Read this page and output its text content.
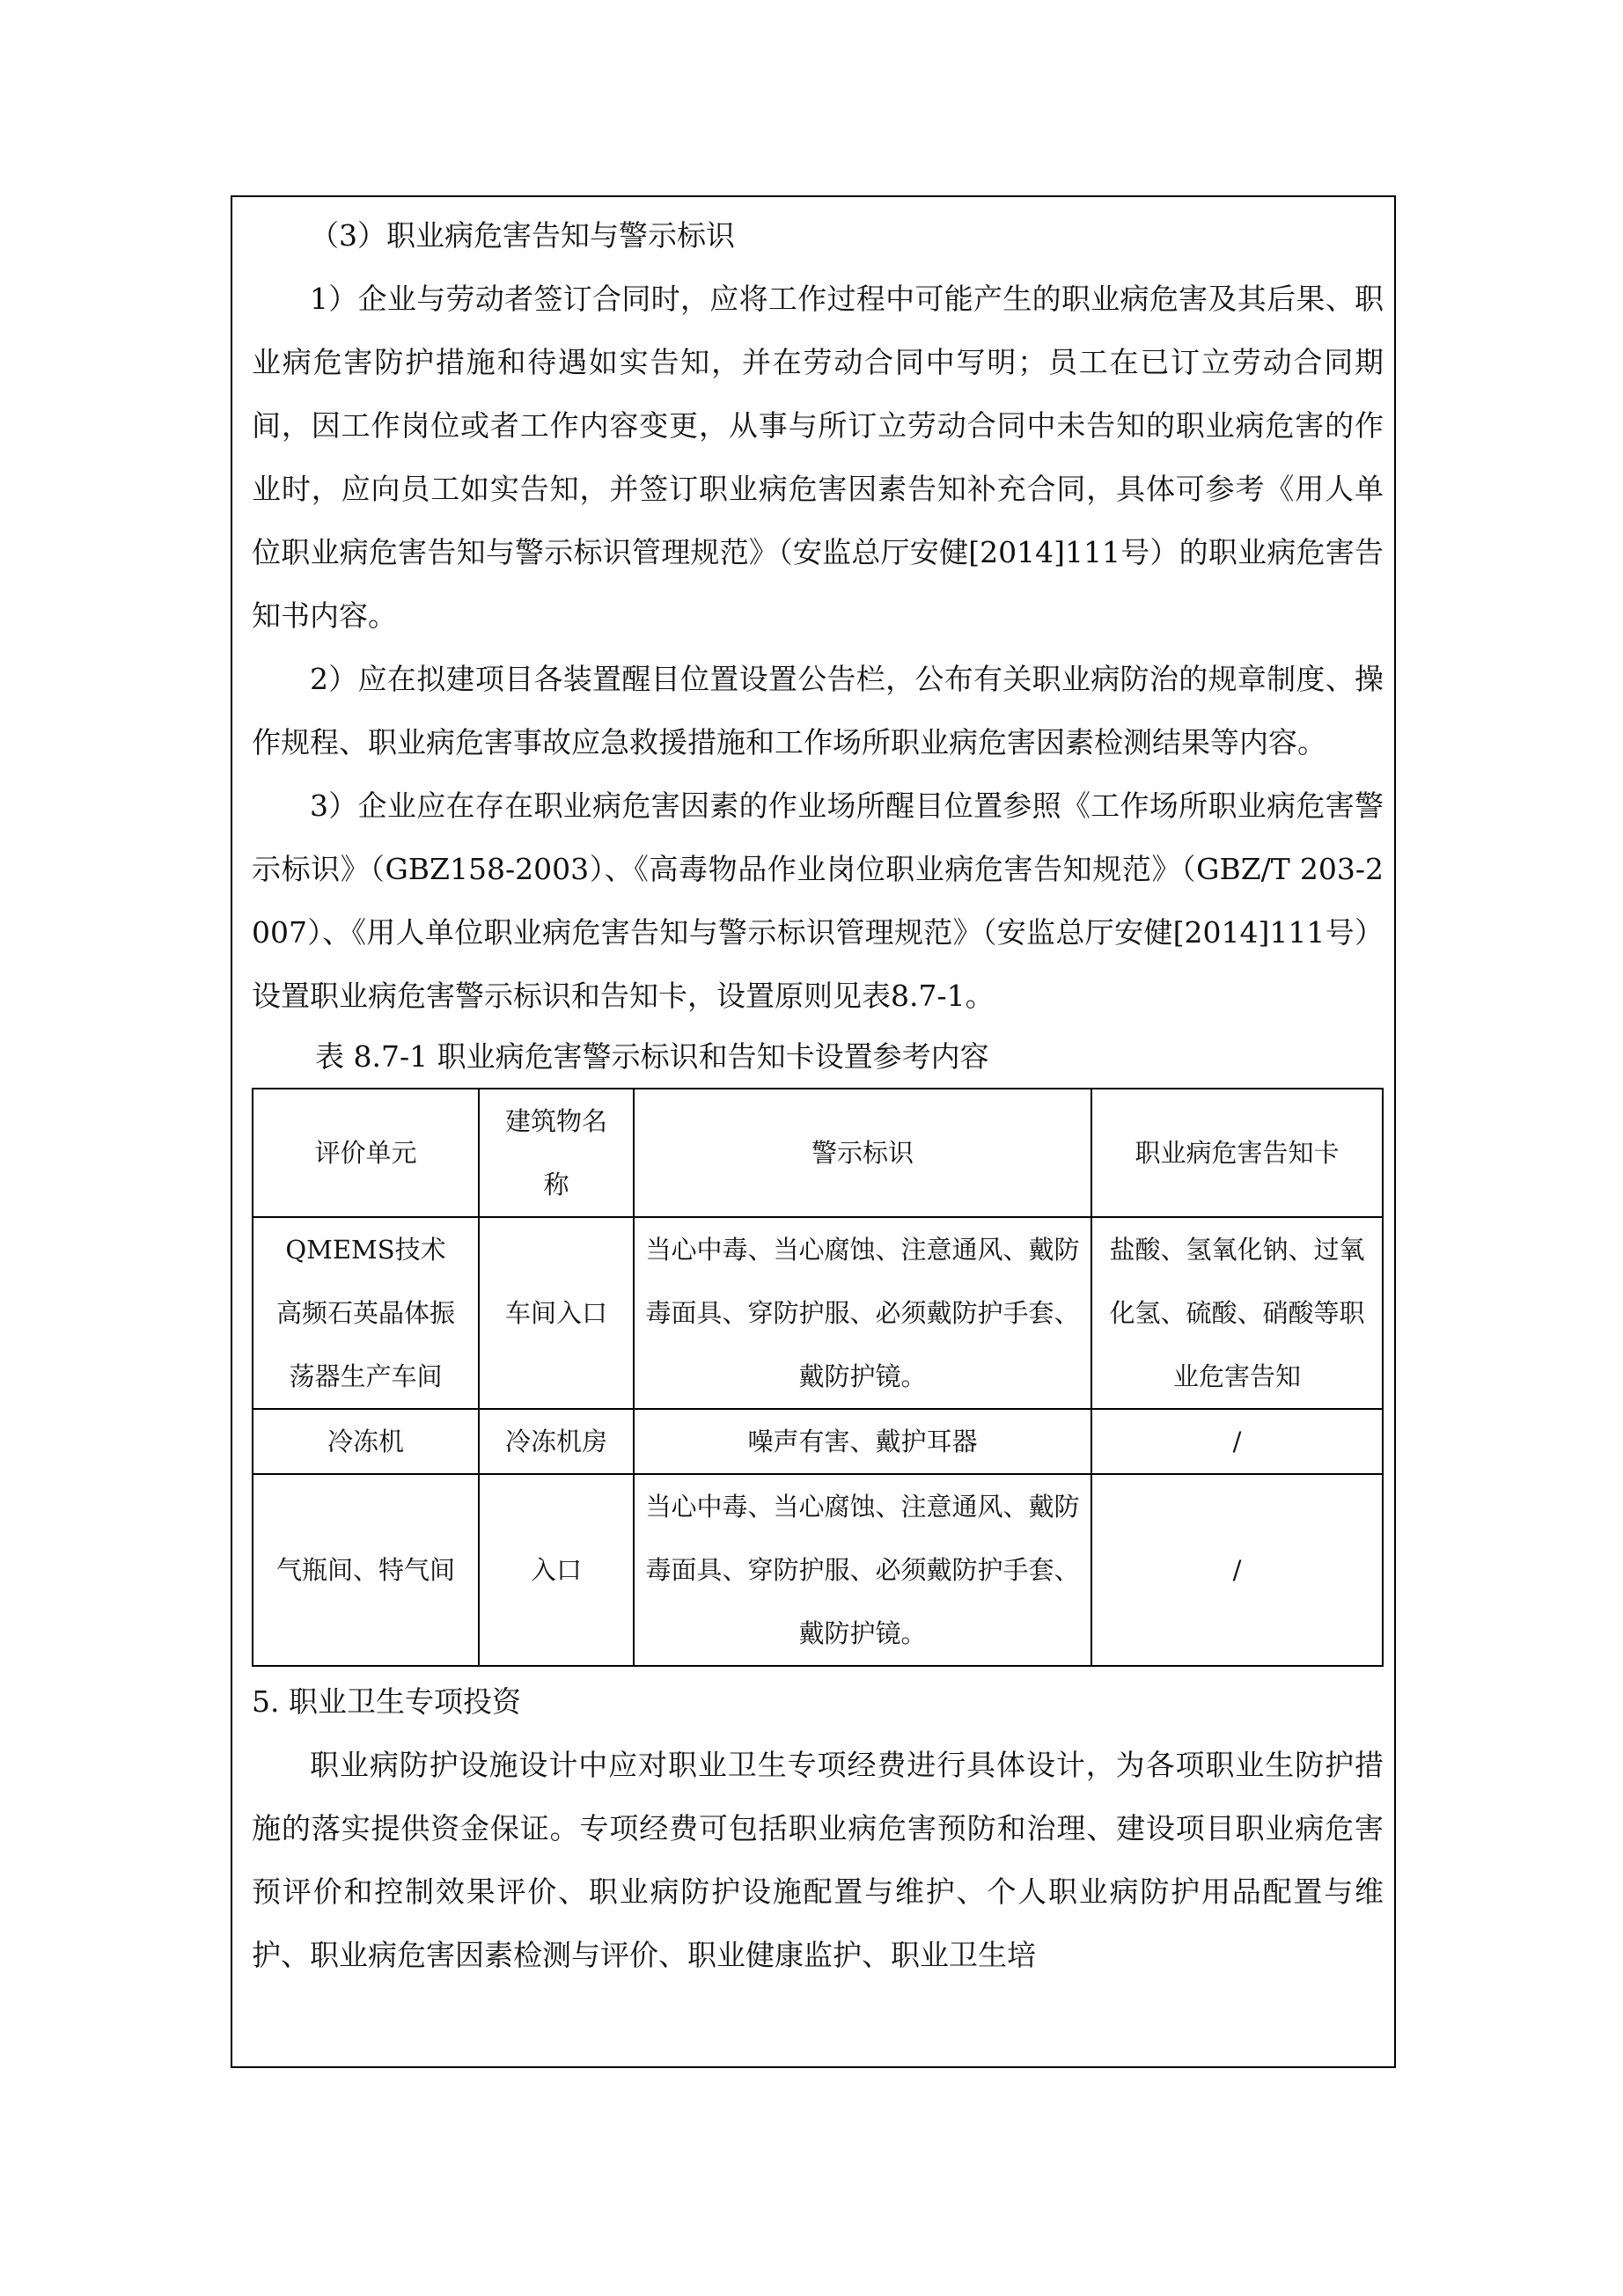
（3）职业病危害告知与警示标识

1）企业与劳动者签订合同时，应将工作过程中可能产生的职业病危害及其后果、职业病危害防护措施和待遇如实告知，并在劳动合同中写明；员工在已订立劳动合同期间，因工作岗位或者工作内容变更，从事与所订立劳动合同中未告知的职业病危害的作业时，应向员工如实告知，并签订职业病危害因素告知补充合同，具体可参考《用人单位职业病危害告知与警示标识管理规范》（安监总厅安健[2014]111号）的职业病危害告知书内容。

2）应在拟建项目各装置醒目位置设置公告栏，公布有关职业病防治的规章制度、操作规程、职业病危害事故应急救援措施和工作场所职业病危害因素检测结果等内容。

3）企业应在存在职业病危害因素的作业场所醒目位置参照《工作场所职业病危害警示标识》（GBZ158-2003）、《高毒物品作业岗位职业病危害告知规范》（GBZ/T 203-2007）、《用人单位职业病危害告知与警示标识管理规范》（安监总厅安健[2014]111号）设置职业病危害警示标识和告知卡，设置原则见表8.7-1。

表 8.7-1 职业病危害警示标识和告知卡设置参考内容

评价单元	建筑物名称	警示标识	职业病危害告知卡
QMEMS技术高频石英晶体振荡器生产车间	车间入口	当心中毒、当心腐蚀、注意通风、戴防毒面具、穿防护服、必须戴防护手套、戴防护镜。	盐酸、氢氧化钠、过氧化氢、硫酸、硝酸等职业危害告知
冷冻机	冷冻机房	噪声有害、戴护耳器	/
气瓶间、特气间	入口	当心中毒、当心腐蚀、注意通风、戴防毒面具、穿防护服、必须戴防护手套、戴防护镜。	/

5. 职业卫生专项投资

职业病防护设施设计中应对职业卫生专项经费进行具体设计，为各项职业生防护措施的落实提供资金保证。专项经费可包括职业病危害预防和治理、建设项目职业病危害预评价和控制效果评价、职业病防护设施配置与维护、个人职业病防护用品配置与维护、职业病危害因素检测与评价、职业健康监护、职业卫生培
